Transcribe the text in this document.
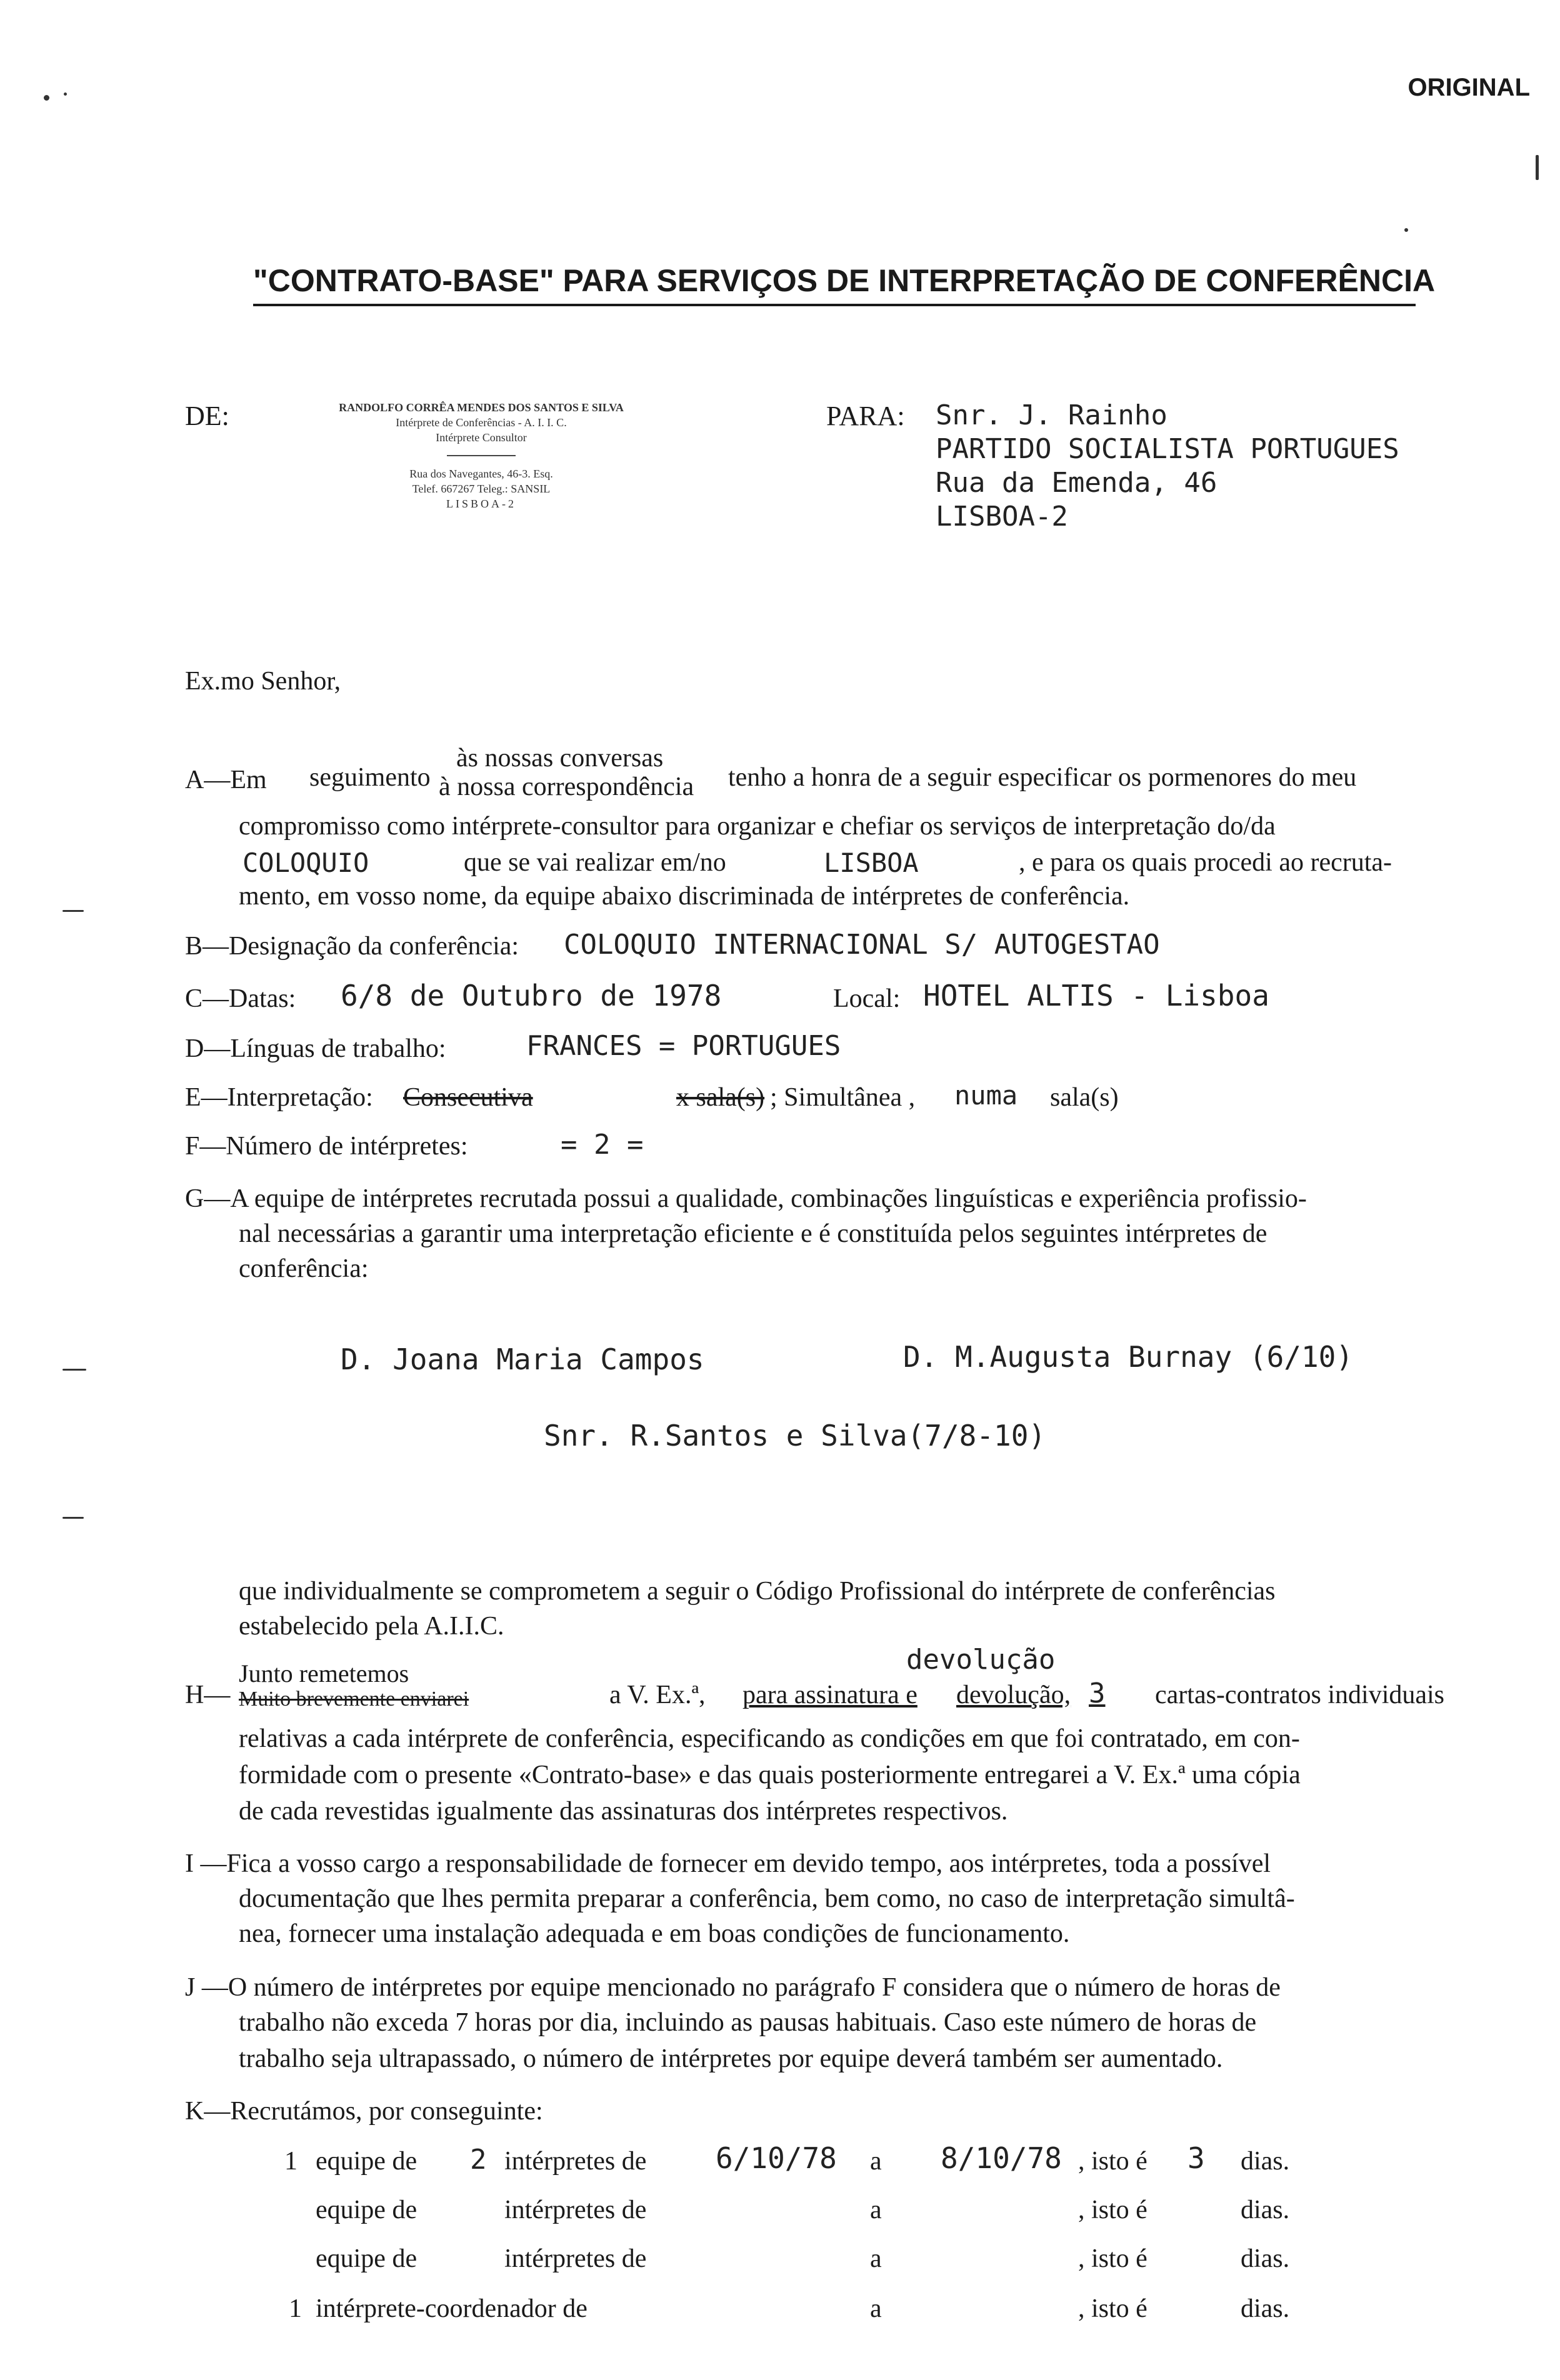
ORIGINAL
"CONTRATO-BASE" PARA SERVIÇOS DE INTERPRETAÇÃO DE CONFERÊNCIA
DE:	RANDOLFO CORRÊA MENDES DOS SANTOS E SILVA
Intérprete de Conferências - A. I. I. C.
Intérprete Consultor
Rua dos Navegantes, 46-3. Esq.
Telef. 667267 Teleg.: SANSIL
LISBOA-2
PARA: Snr. J. Rainho
PARTIDO SOCIALISTA PORTUGUES
Rua da Emenda, 46
LISBOA-2
Ex.mo Senhor,
A—Em seguimento
às nossas conversas
à nossa correspondência tenho a honra de a seguir especificar os pormenores do meu
compromisso como intérprete-consultor para organizar e chefiar os serviços de interpretação do/da
COLOQUIO	que se vai realizar em/no	LISBOA	, e para os quais procedi ao recruta-
mento, em vosso nome, da equipe abaixo discriminada de intérpretes de conferência.
B—Designação da conferência: COLOQUIO INTERNACIONAL S/ AUTOGESTAO
C—Datas: 6/8 de Outubro de 1978	Local: HOTEL ALTIS - Lisboa
D—Línguas de trabalho:	FRANCES = PORTUGUES
E—Interpretação: Consecutiva	x sala(s) ; Simultânea , numa sala(s)
F—Número de intérpretes:	= 2 =
G—A equipe de intérpretes recrutada possui a qualidade, combinações linguísticas e experiência profissio-
nal necessárias a garantir uma interpretação eficiente e é constituída pelos seguintes intérpretes de
conferência:
D. Joana Maria Campos	D. M.Augusta Burnay (6/10)
Snr. R.Santos e Silva(7/8-10)
que individualmente se comprometem a seguir o Código Profissional do intérprete de conferências
estabelecido pela A.I.I.C.
H—
Junto remetemos
Muito brevemente enviarei
devolução
a V. Ex.ª, para assinatura e devolução, 3 cartas-contratos individuais
relativas a cada intérprete de conferência, especificando as condições em que foi contratado, em con-
formidade com o presente «Contrato-base» e das quais posteriormente entregarei a V. Ex.ª uma cópia
de cada revestidas igualmente das assinaturas dos intérpretes respectivos.
I —Fica a vosso cargo a responsabilidade de fornecer em devido tempo, aos intérpretes, toda a possível
documentação que lhes permita preparar a conferência, bem como, no caso de interpretação simultâ-
nea, fornecer uma instalação adequada e em boas condições de funcionamento.
J —O número de intérpretes por equipe mencionado no parágrafo F considera que o número de horas de
trabalho não exceda 7 horas por dia, incluindo as pausas habituais. Caso este número de horas de
trabalho seja ultrapassado, o número de intérpretes por equipe deverá também ser aumentado.
K—Recrutámos, por conseguinte:
1 equipe de 2 intérpretes de 6/10/78 a 8/10/78 , isto é 3 dias.
equipe de	intérpretes de	a	, isto é	dias.
equipe de	intérpretes de	a	, isto é	dias.
1 intérprete-coordenador de	a	, isto é	dias.
